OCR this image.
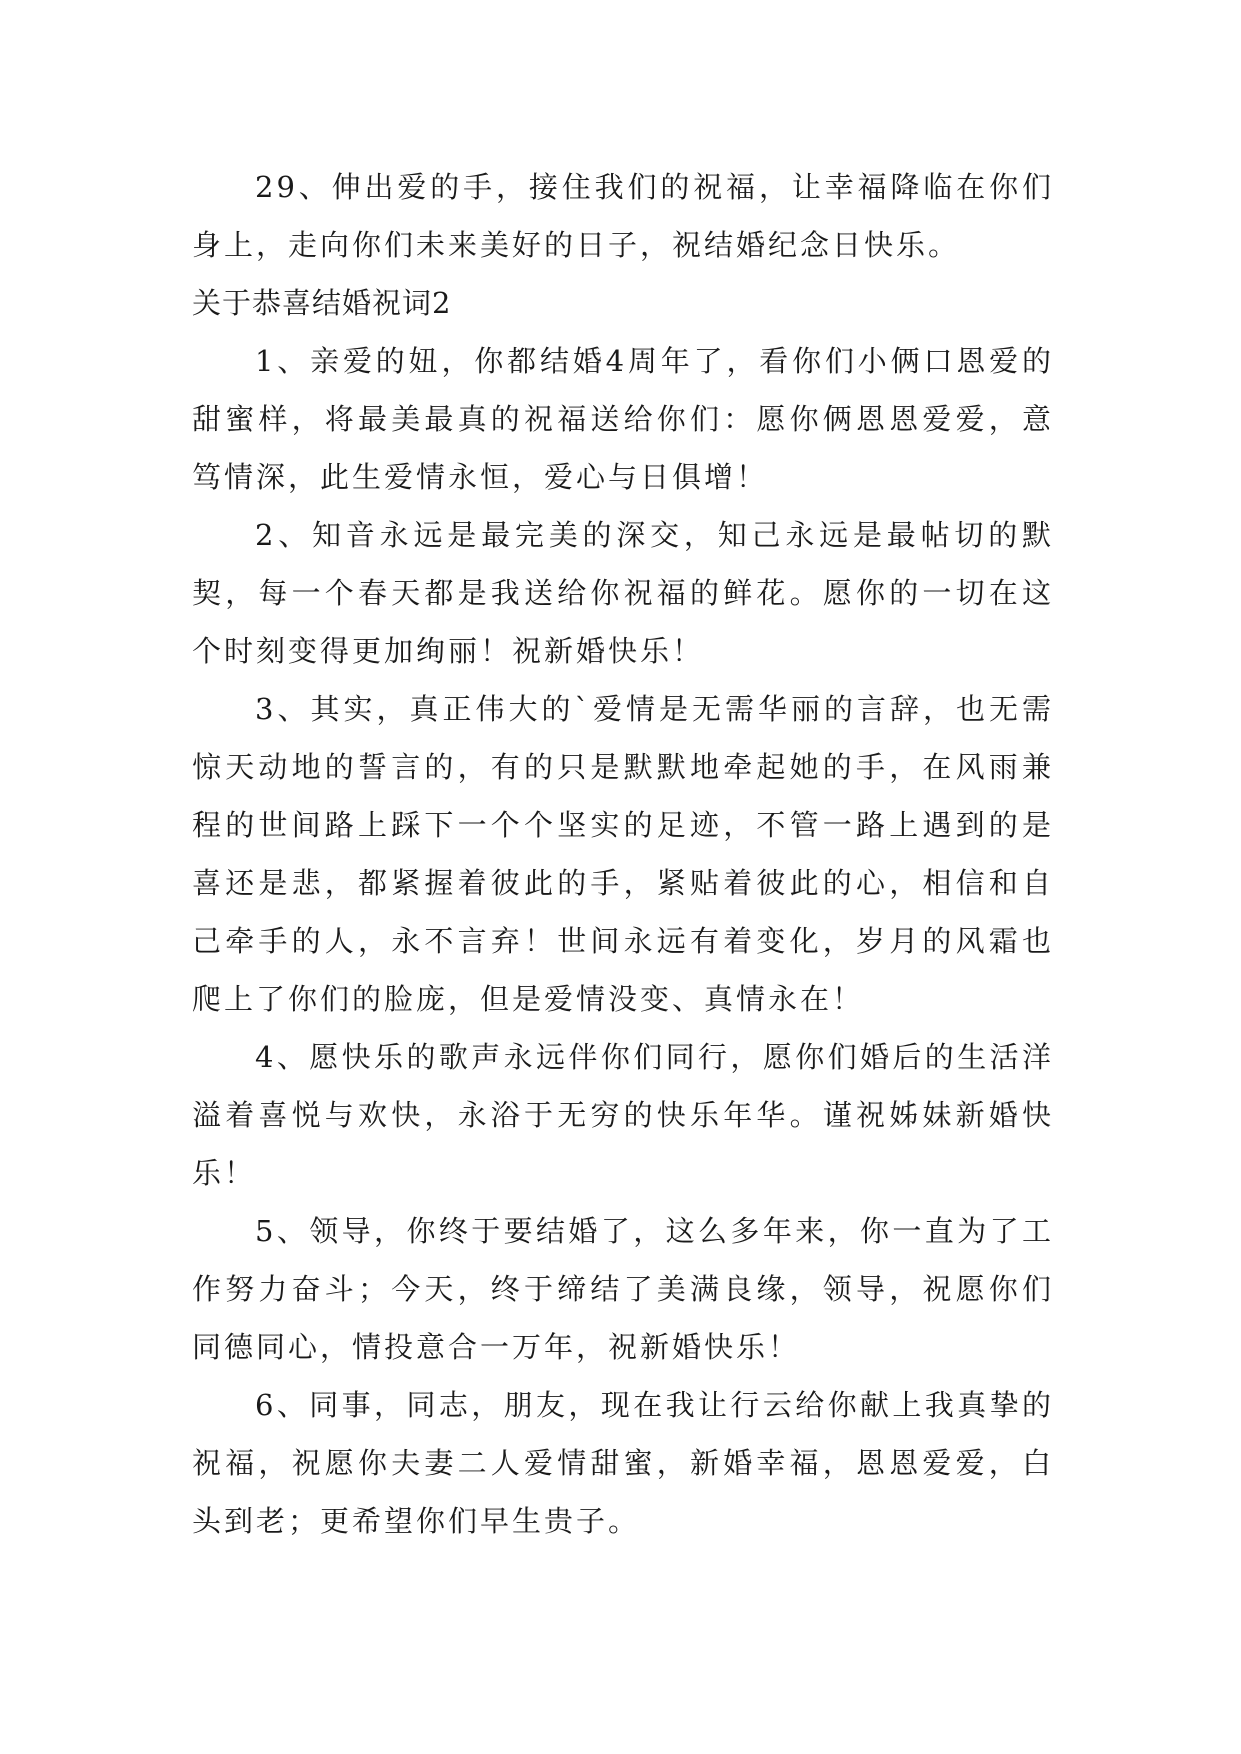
29、伸出爱的手，接住我们的祝福，让幸福降临在你们身上，走向你们未来美好的日子，祝结婚纪念日快乐。

关于恭喜结婚祝词2

1、亲爱的妞，你都结婚4周年了，看你们小俩口恩爱的甜蜜样，将最美最真的祝福送给你们：愿你俩恩恩爱爱，意笃情深，此生爱情永恒，爱心与日俱增！

2、知音永远是最完美的深交，知己永远是最帖切的默契，每一个春天都是我送给你祝福的鲜花。愿你的一切在这个时刻变得更加绚丽！祝新婚快乐！

3、其实，真正伟大的`爱情是无需华丽的言辞，也无需惊天动地的誓言的，有的只是默默地牵起她的手，在风雨兼程的世间路上踩下一个个坚实的足迹，不管一路上遇到的是喜还是悲，都紧握着彼此的手，紧贴着彼此的心，相信和自己牵手的人，永不言弃！世间永远有着变化，岁月的风霜也爬上了你们的脸庞，但是爱情没变、真情永在！

4、愿快乐的歌声永远伴你们同行，愿你们婚后的生活洋溢着喜悦与欢快，永浴于无穷的快乐年华。谨祝姊妹新婚快乐！

5、领导，你终于要结婚了，这么多年来，你一直为了工作努力奋斗；今天，终于缔结了美满良缘，领导，祝愿你们同德同心，情投意合一万年，祝新婚快乐！

6、同事，同志，朋友，现在我让行云给你献上我真挚的祝福，祝愿你夫妻二人爱情甜蜜，新婚幸福，恩恩爱爱，白头到老；更希望你们早生贵子。
